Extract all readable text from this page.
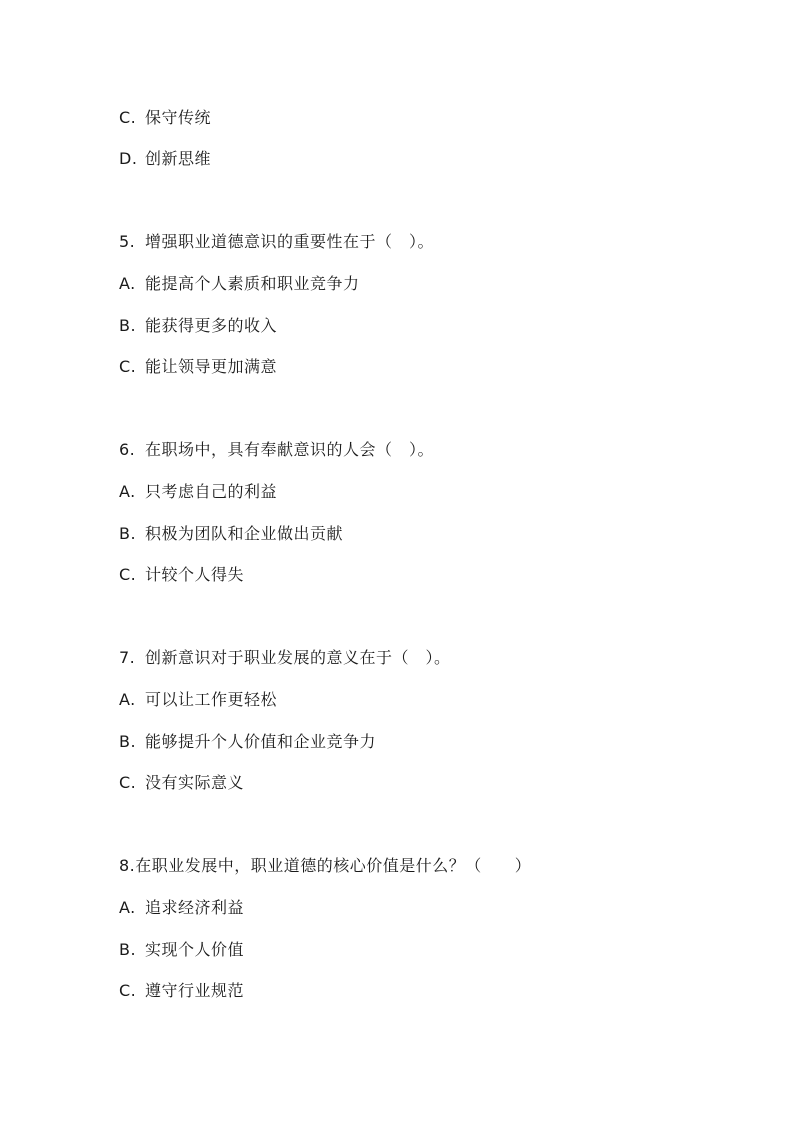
C. 保守传统
D. 创新思维
5. 增强职业道德意识的重要性在于（　）。
A. 能提高个人素质和职业竞争力
B. 能获得更多的收入
C. 能让领导更加满意
6. 在职场中，具有奉献意识的人会（　）。
A. 只考虑自己的利益
B. 积极为团队和企业做出贡献
C. 计较个人得失
7. 创新意识对于职业发展的意义在于（　）。
A. 可以让工作更轻松
B. 能够提升个人价值和企业竞争力
C. 没有实际意义
8.在职业发展中，职业道德的核心价值是什么？（　　）
A. 追求经济利益
B. 实现个人价值
C. 遵守行业规范
